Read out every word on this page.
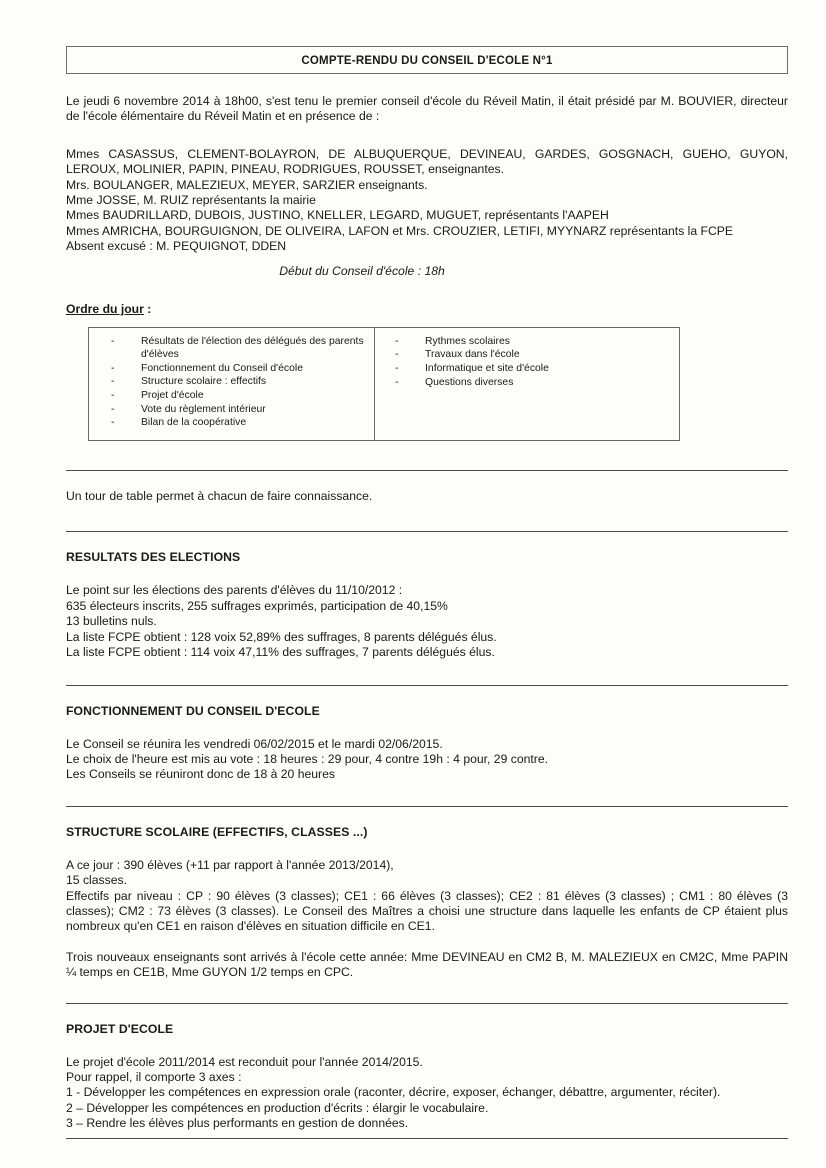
COMPTE-RENDU DU CONSEIL D'ECOLE N°1

Le jeudi 6 novembre 2014 à 18h00, s'est tenu le premier conseil d'école du Réveil Matin, il était présidé par M. BOUVIER, directeur de l'école élémentaire du Réveil Matin et en présence de :

Mmes CASASSUS, CLEMENT-BOLAYRON, DE ALBUQUERQUE, DEVINEAU, GARDES, GOSGNACH, GUEHO, GUYON, LEROUX, MOLINIER, PAPIN, PINEAU, RODRIGUES, ROUSSET, enseignantes.

Mrs. BOULANGER, MALEZIEUX, MEYER, SARZIER enseignants.

Mme JOSSE, M. RUIZ représentants la mairie

Mmes BAUDRILLARD, DUBOIS, JUSTINO, KNELLER, LEGARD, MUGUET, représentants l'AAPEH

Mmes AMRICHA, BOURGUIGNON, DE OLIVEIRA, LAFON et Mrs. CROUZIER, LETIFI, MYYNARZ représentants la FCPE

Absent excusé : M. PEQUIGNOT, DDEN

Début du Conseil d'école : 18h
Ordre du jour :
- Résultats de l'élection des délégués des parents d'élèves
- Fonctionnement du Conseil d'école
- Structure scolaire : effectifs
- Projet d'école
- Vote du règlement intérieur
- Bilan de la coopérative
- Rythmes scolaires
- Travaux dans l'école
- Informatique et site d'école
- Questions diverses

Un tour de table permet à chacun de faire connaissance.

RESULTATS DES ELECTIONS

Le point sur les élections des parents d'élèves du 11/10/2012 :

635 électeurs inscrits, 255 suffrages exprimés, participation de 40,15%

13 bulletins nuls.

La liste FCPE obtient : 128 voix 52,89% des suffrages, 8 parents délégués élus.

La liste FCPE obtient : 114 voix 47,11% des suffrages, 7 parents délégués élus.

FONCTIONNEMENT DU CONSEIL D'ECOLE

Le Conseil se réunira les vendredi 06/02/2015 et le mardi 02/06/2015.

Le choix de l'heure est mis au vote : 18 heures : 29 pour, 4 contre 19h : 4 pour, 29 contre.

Les Conseils se réuniront donc de 18 à 20 heures

STRUCTURE SCOLAIRE (EFFECTIFS, CLASSES ...)

A ce jour : 390 élèves (+11 par rapport à l'année 2013/2014),

15 classes.

Effectifs par niveau : CP : 90 élèves (3 classes); CE1 : 66 élèves (3 classes); CE2 : 81 élèves (3 classes) ; CM1 : 80 élèves (3 classes); CM2 : 73 élèves (3 classes). Le Conseil des Maîtres a choisi une structure dans laquelle les enfants de CP étaient plus nombreux qu'en CE1 en raison d'élèves en situation difficile en CE1.

Trois nouveaux enseignants sont arrivés à l'école cette année: Mme DEVINEAU en CM2 B, M. MALEZIEUX en CM2C, Mme PAPIN ¼ temps en CE1B, Mme GUYON 1/2 temps en CPC.

PROJET D'ECOLE

Le projet d'école 2011/2014 est reconduit pour l'année 2014/2015.

Pour rappel, il comporte 3 axes :

1 - Développer les compétences en expression orale (raconter, décrire, exposer, échanger, débattre, argumenter, réciter).

2 – Développer les compétences en production d'écrits : élargir le vocabulaire.

3 – Rendre les élèves plus performants en gestion de données.
